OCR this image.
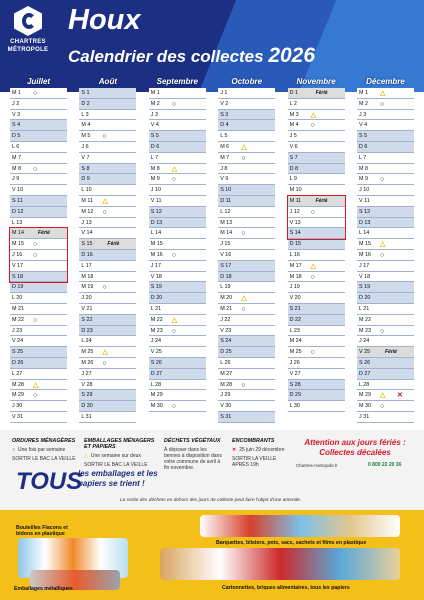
CHARTRES
MÉTROPOLE
Houx
Calendrier des collectes 2026
Juillet
M 1 ○
J 2
V 3
S 4
D 5
L 6
M 7
M 8 ○
J 9
V 10
S 11
D 12
L 13
M 14	Férié
M 15 ○
J 16 ○
V 17
S 18
D 19
L 20
M 21
M 22 ○
J 23
V 24
S 25
D 26
L 27
M 28 △
M 29 ○
J 30
V 31
Août
S 1
D 2
L 3
M 4
M 5 ○
J 6
V 7
S 8
D 9
L 10
M 11 △
M 12 ○
J 13
V 14
S 15	Férié
D 16
L 17
M 18
M 19 ○
J 20
V 21
S 22
D 23
L 24
M 25 △
M 26 ○
J 27
V 28
S 29
D 30
L 31
Septembre
M 1
M 2 ○
J 3
V 4
S 5
D 6
L 7
M 8 △
M 9 ○
J 10
V 11
S 12
D 13
L 14
M 15
M 16 ○
J 17
V 18
S 19
D 20
L 21
M 22 △
M 23 ○
J 24
V 25
S 26
D 27
L 28
M 29
M 30 ○
Octobre
J 1
V 2
S 3
D 4
L 5
M 6 △
M 7 ○
J 8
V 9
S 10
D 11
L 12
M 13
M 14 ○
J 15
V 16
S 17
D 18
L 19
M 20 △
M 21 ○
J 22
V 23
S 24
D 25
L 26
M 27
M 28 ○
J 29
V 30
S 31
Novembre
D 1	Férié
L 2
M 3 △
M 4 ○
J 5
V 6
S 7
D 8
L 9
M 10
M 11	Férié
J 12 ○
V 13
S 14
D 15
L 16
M 17 △
M 18 ○
J 19
V 20
S 21
D 22
L 23
M 24
M 25 ○
J 26
V 27
S 28
D 29
L 30
Décembre
M 1 △
M 2 ○
J 3
V 4
S 5
D 6
L 7
M 8
M 9 ○
J 10
V 11
S 12
D 13
L 14
M 15 △
M 16 ○
J 17
V 18
S 19
D 20
L 21
M 22
M 23 ○
J 24
V 25	Férié
S 26
D 27
L 28
M 29 △ ✕
M 30 ○
J 31
ORDURES MÉNAGÈRES
○ Une fois par semaine
SORTIR LE BAC LA VEILLE
EMBALLAGES MÉNAGERS ET PAPIERS
△ Une semaine sur deux
SORTIR LE BAC LA VEILLE
DÉCHETS VÉGÉTAUX
À déposer dans les bennes à disposition dans votre commune de avril à fin novembre.
ENCOMBRANTS
✕ 25 juin 29 décembre
SORTIR LA VEILLE APRÈS 19h
La sortie des déchets en dehors des jours de collecte peut faire l'objet d'une amende.
Attention aux jours fériés : Collectes décalées
Chartres-metropole.fr	0 800 22 20 36
TOUS
les emballages et les papiers se trient !
Bouteilles Flacons et bidons en plastique
Barquettes, blisters, pots, sacs, sachets et films en plastique
Emballages métalliques	Cartonnettes, briques alimentaires, tous les papiers
